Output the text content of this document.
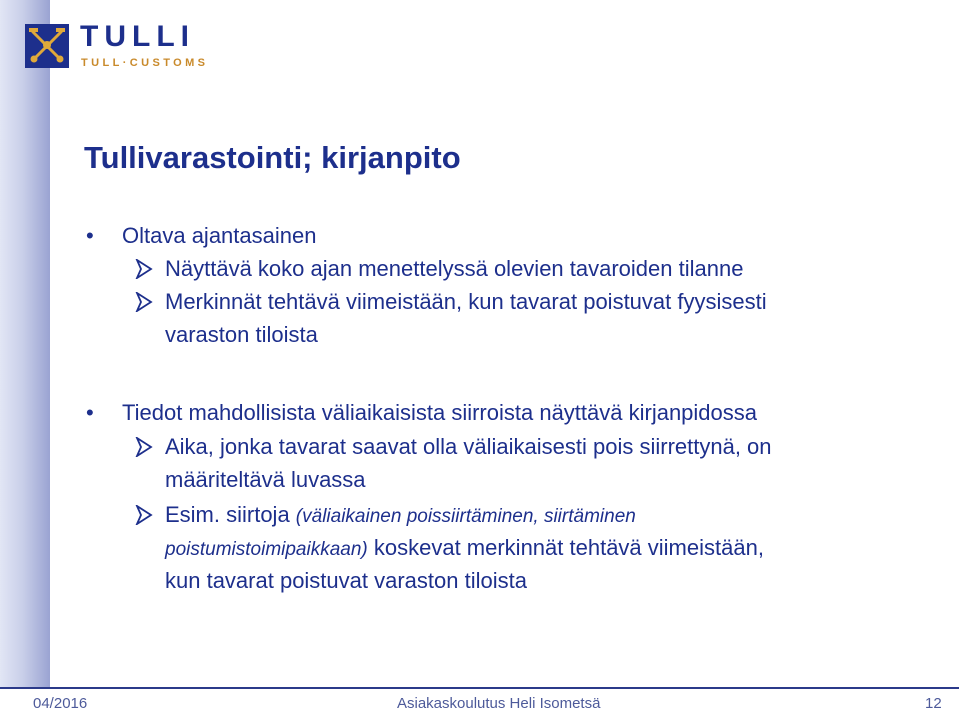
TULLI
TULL·CUSTOMS
Tullivarastointi; kirjanpito
• Oltava ajantasainen
Näyttävä koko ajan menettelyssä olevien tavaroiden tilanne
Merkinnät tehtävä viimeistään, kun tavarat poistuvat fyysisesti
varaston tiloista
• Tiedot mahdollisista väliaikaisista siirroista näyttävä kirjanpidossa
Aika, jonka tavarat saavat olla väliaikaisesti pois siirrettynä, on
määriteltävä luvassa
Esim. siirtoja (väliaikainen poissiirtäminen, siirtäminen
poistumistoimipaikkaan) koskevat merkinnät tehtävä viimeistään,
kun tavarat poistuvat varaston tiloista
04/2016	Asiakaskoulutus Heli Isometsä	12
